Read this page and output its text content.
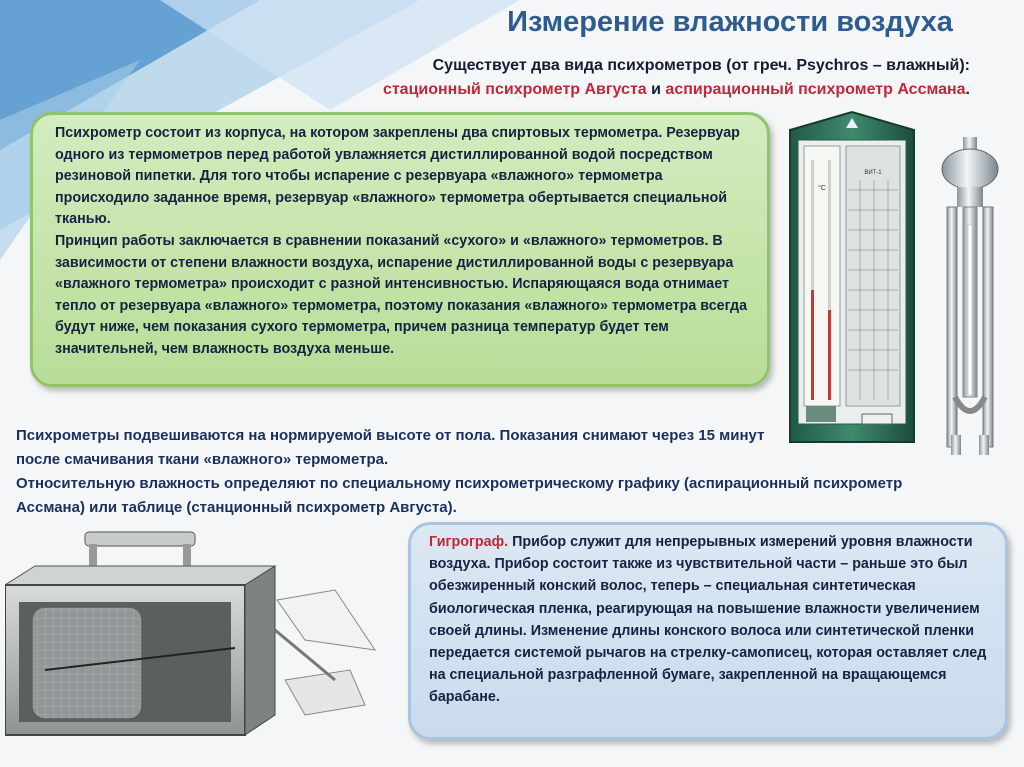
Измерение влажности воздуха
Существует два вида психрометров (от греч. Psychros – влажный):
стационный психрометр Августа и аспирационный психрометр Ассмана.

Психрометр состоит из корпуса, на котором закреплены два спиртовых термометра. Резервуар одного из термометров перед работой увлажняется дистиллированной водой посредством резиновой пипетки. Для того чтобы испарение с резервуара «влажного» термометра происходило заданное время, резервуар «влажного» термометра обертывается специальной тканью.

Принцип работы заключается в сравнении показаний «сухого» и «влажного» термометров. В зависимости от степени влажности воздуха, испарение дистиллированной воды с резервуара «влажного термометра» происходит с разной интенсивностью. Испаряющаяся вода отнимает тепло от резервуара «влажного» термометра, поэтому показания «влажного» термометра всегда будут ниже, чем показания сухого термометра, причем разница температур будет тем значительней, чем влажность воздуха меньше.

ВИТ-1
°C
Психрометры подвешиваются на нормируемой высоте от пола. Показания снимают через 15 минут после смачивания ткани «влажного» термометра.
Относительную влажность определяют по специальному психрометрическому графику (аспирационный психрометр Ассмана) или таблице (станционный психрометр Августа).

Гигрограф. Прибор служит для непрерывных измерений уровня влажности воздуха. Прибор состоит также из чувствительной части – раньше это был обезжиренный конский волос, теперь – специальная синтетическая биологическая пленка, реагирующая на повышение влажности увеличением своей длины. Изменение длины конского волоса или синтетической пленки передается системой рычагов на стрелку-самописец, которая оставляет след на специальной разграфленной бумаге, закрепленной на вращающемся барабане.
